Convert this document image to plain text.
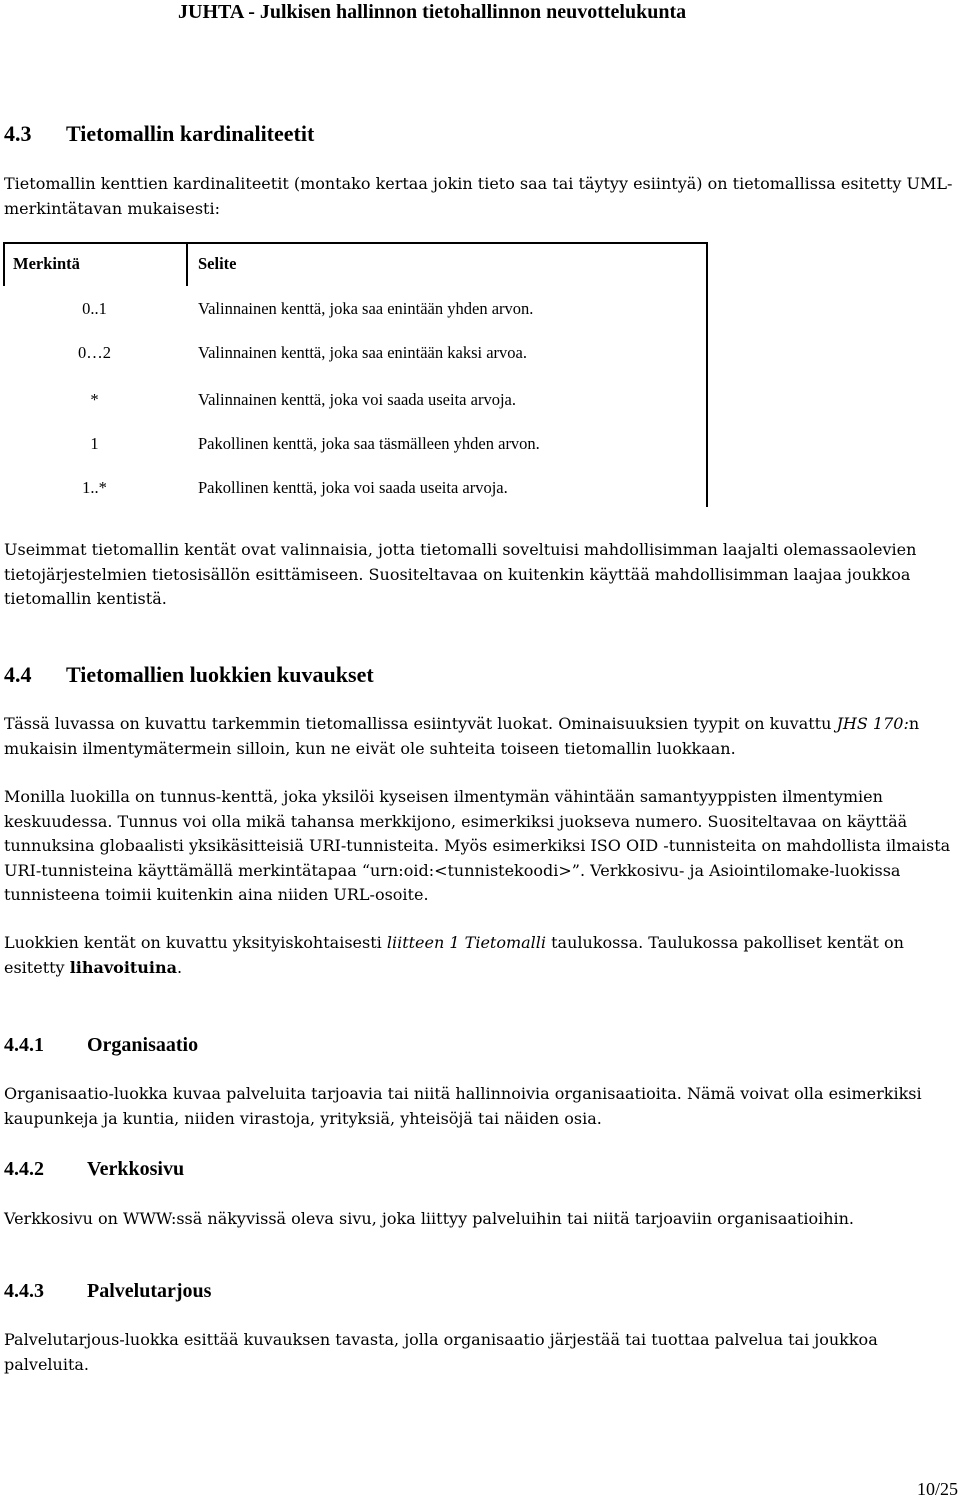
JUHTA - Julkisen hallinnon tietohallinnon neuvottelukunta
4.3 Tietomallin kardinaliteetit

Tietomallin kenttien kardinaliteetit (montako kertaa jokin tieto saa tai täytyy esiintyä) on tietomallissa esitetty UML-merkintätavan mukaisesti:

Merkintä	Selite
0..1	Valinnainen kenttä, joka saa enintään yhden arvon.
0…2	Valinnainen kenttä, joka saa enintään kaksi arvoa.
*	Valinnainen kenttä, joka voi saada useita arvoja.
1	Pakollinen kenttä, joka saa täsmälleen yhden arvon.
1..*	Pakollinen kenttä, joka voi saada useita arvoja.

Useimmat tietomallin kentät ovat valinnaisia, jotta tietomalli soveltuisi mahdollisimman laajalti olemassaolevien tietojärjestelmien tietosisällön esittämiseen. Suositeltavaa on kuitenkin käyttää mahdollisimman laajaa joukkoa tietomallin kentistä.

4.4 Tietomallien luokkien kuvaukset

Tässä luvassa on kuvattu tarkemmin tietomallissa esiintyvät luokat. Ominaisuuksien tyypit on kuvattu JHS 170:n mukaisin ilmentymätermein silloin, kun ne eivät ole suhteita toiseen tietomallin luokkaan.

Monilla luokilla on tunnus-kenttä, joka yksilöi kyseisen ilmentymän vähintään samantyyppisten ilmentymien keskuudessa. Tunnus voi olla mikä tahansa merkkijono, esimerkiksi juokseva numero. Suositeltavaa on käyttää tunnuksina globaalisti yksikäsitteisiä URI-tunnisteita. Myös esimerkiksi ISO OID -tunnisteita on mahdollista ilmaista URI-tunnisteina käyttämällä merkintätapaa “urn:oid:<tunnistekoodi>”. Verkkosivu- ja Asiointilomake-luokissa tunnisteena toimii kuitenkin aina niiden URL-osoite.

Luokkien kentät on kuvattu yksityiskohtaisesti liitteen 1 Tietomalli taulukossa. Taulukossa pakolliset kentät on esitetty lihavoituina.

4.4.1 Organisaatio

Organisaatio-luokka kuvaa palveluita tarjoavia tai niitä hallinnoivia organisaatioita. Nämä voivat olla esimerkiksi kaupunkeja ja kuntia, niiden virastoja, yrityksiä, yhteisöjä tai näiden osia.

4.4.2 Verkkosivu

Verkkosivu on WWW:ssä näkyvissä oleva sivu, joka liittyy palveluihin tai niitä tarjoaviin organisaatioihin.

4.4.3 Palvelutarjous

Palvelutarjous-luokka esittää kuvauksen tavasta, jolla organisaatio järjestää tai tuottaa palvelua tai joukkoa palveluita.

10/25
